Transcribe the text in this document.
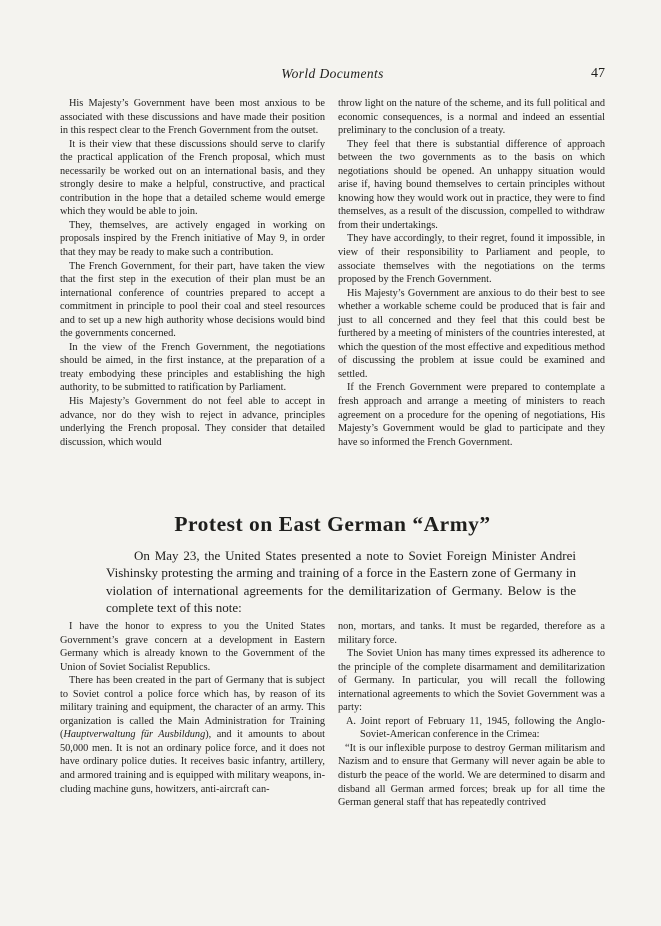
World Documents	47

His Majesty’s Government have been most anxious to be associated with these discussions and have made their position in this respect clear to the French Government from the outset.

It is their view that these discussions should serve to clarify the practical application of the French proposal, which must necessarily be worked out on an international basis, and they strongly desire to make a helpful, constructive, and practical contribution in the hope that a detailed scheme would emerge which they would be able to join.

They, themselves, are actively engaged in working on proposals inspired by the French initiative of May 9, in order that they may be ready to make such a contribution.

The French Government, for their part, have taken the view that the first step in the execution of their plan must be an international conference of countries prepared to accept a commitment in principle to pool their coal and steel resources and to set up a new high authority whose decisions would bind the governments concerned.

In the view of the French Government, the negotiations should be aimed, in the first instance, at the preparation of a treaty embodying these principles and establishing the high authority, to be submitted to ratification by Parliament.

His Majesty’s Government do not feel able to accept in advance, nor do they wish to reject in advance, principles underlying the French proposal. They consider that detailed discussion, which would

throw light on the nature of the scheme, and its full political and economic consequences, is a normal and indeed an essential preliminary to the conclusion of a treaty.

They feel that there is substantial difference of approach between the two governments as to the basis on which negotiations should be opened. An unhappy situation would arise if, having bound themselves to certain principles without knowing how they would work out in practice, they were to find themselves, as a result of the discussion, compelled to withdraw from their undertakings.

They have accordingly, to their regret, found it impossible, in view of their responsibility to Parliament and people, to associate themselves with the negotiations on the terms proposed by the French Government.

His Majesty’s Government are anxious to do their best to see whether a workable scheme could be produced that is fair and just to all concerned and they feel that this could best be furthered by a meeting of ministers of the countries interested, at which the question of the most effective and expeditious method of discussing the problem at issue could be examined and settled.

If the French Government were prepared to contemplate a fresh approach and arrange a meeting of ministers to reach agreement on a procedure for the opening of negotiations, His Majesty’s Government would be glad to participate and they have so informed the French Government.

Protest on East German “Army”
On May 23, the United States presented a note to Soviet Foreign Minister Andrei Vishinsky protesting the arming and training of a force in the Eastern zone of Germany in violation of international agreements for the demilitarization of Germany. Below is the complete text of this note:

I have the honor to express to you the United States Government’s grave concern at a development in Eastern Germany which is already known to the Government of the Union of Soviet Socialist Republics.

There has been created in the part of Germany that is subject to Soviet control a police force which has, by reason of its military training and equipment, the character of an army. This organization is called the Main Administration for Training (Hauptverwaltung für Ausbildung), and it amounts to about 50,000 men. It is not an ordinary police force, and it does not have ordinary police duties. It receives basic infantry, artillery, and armored training and is equipped with military weapons, including machine guns, howitzers, anti-aircraft can-

non, mortars, and tanks. It must be regarded, therefore as a military force.

The Soviet Union has many times expressed its adherence to the principle of the complete disarmament and demilitarization of Germany. In particular, you will recall the following international agreements to which the Soviet Government was a party:

A. Joint report of February 11, 1945, following the Anglo-Soviet-American conference in the Crimea:

“It is our inflexible purpose to destroy German militarism and Nazism and to ensure that Germany will never again be able to disturb the peace of the world. We are determined to disarm and disband all German armed forces; break up for all time the German general staff that has repeatedly contrived
